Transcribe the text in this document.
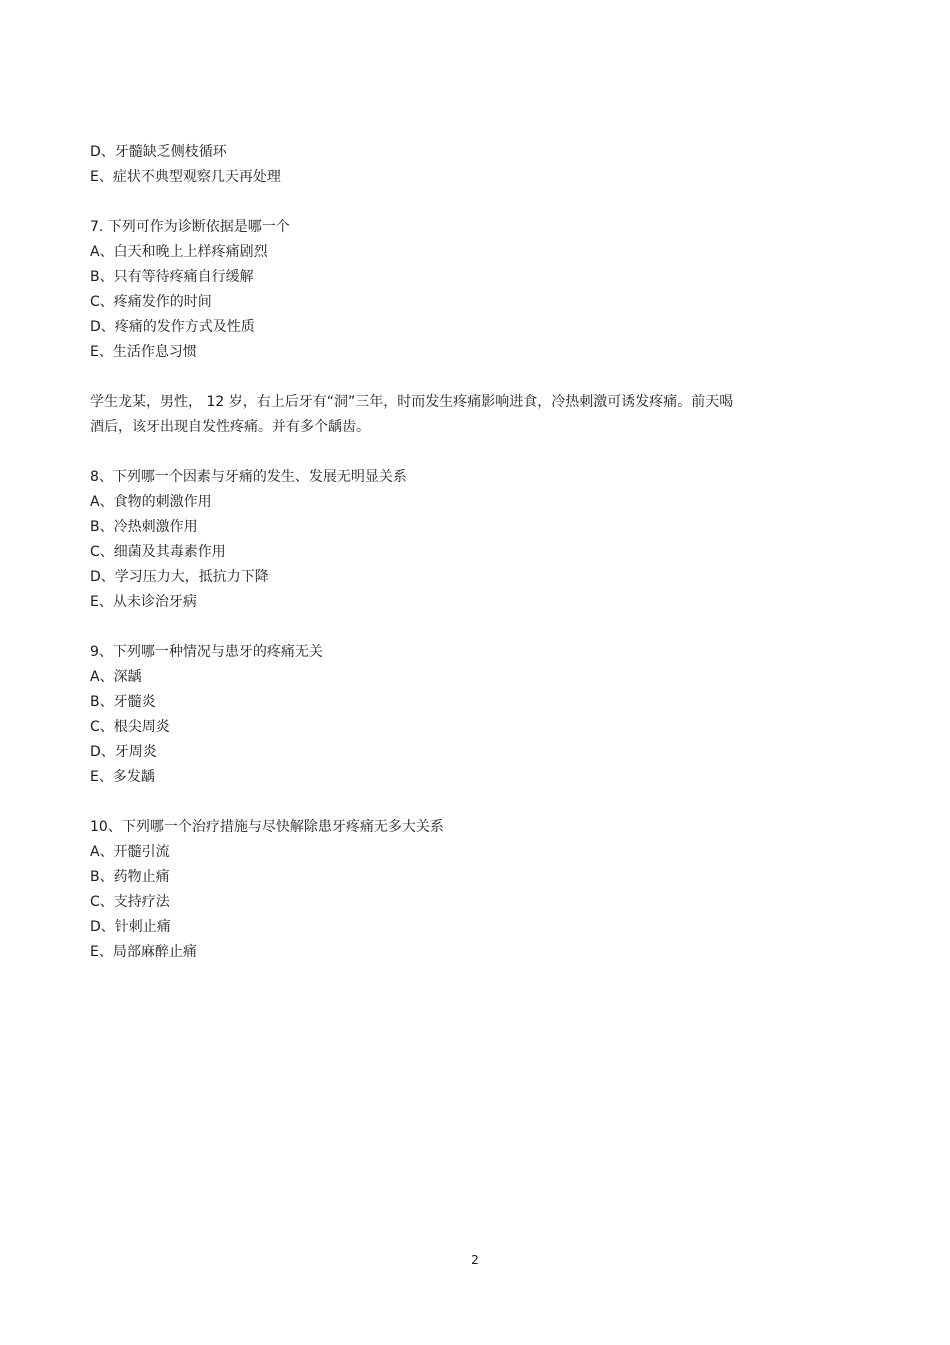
D、牙髓缺乏侧枝循环
E、症状不典型观察几天再处理
7. 下列可作为诊断依据是哪一个
A、白天和晚上上样疼痛剧烈
B、只有等待疼痛自行缓解
C、疼痛发作的时间
D、疼痛的发作方式及性质
E、生活作息习惯
学生龙某，男性， 12 岁，右上后牙有“洞”三年，时而发生疼痛影响进食，冷热刺激可诱发疼痛。前天喝
酒后，该牙出现自发性疼痛。并有多个龋齿。
8、下列哪一个因素与牙痛的发生、发展无明显关系
A、食物的刺激作用
B、冷热刺激作用
C、细菌及其毒素作用
D、学习压力大，抵抗力下降
E、从未诊治牙病
9、下列哪一种情况与患牙的疼痛无关
A、深龋
B、牙髓炎
C、根尖周炎
D、牙周炎
E、多发龋
10、下列哪一个治疗措施与尽快解除患牙疼痛无多大关系
A、开髓引流
B、药物止痛
C、支持疗法
D、针刺止痛
E、局部麻醉止痛
2
